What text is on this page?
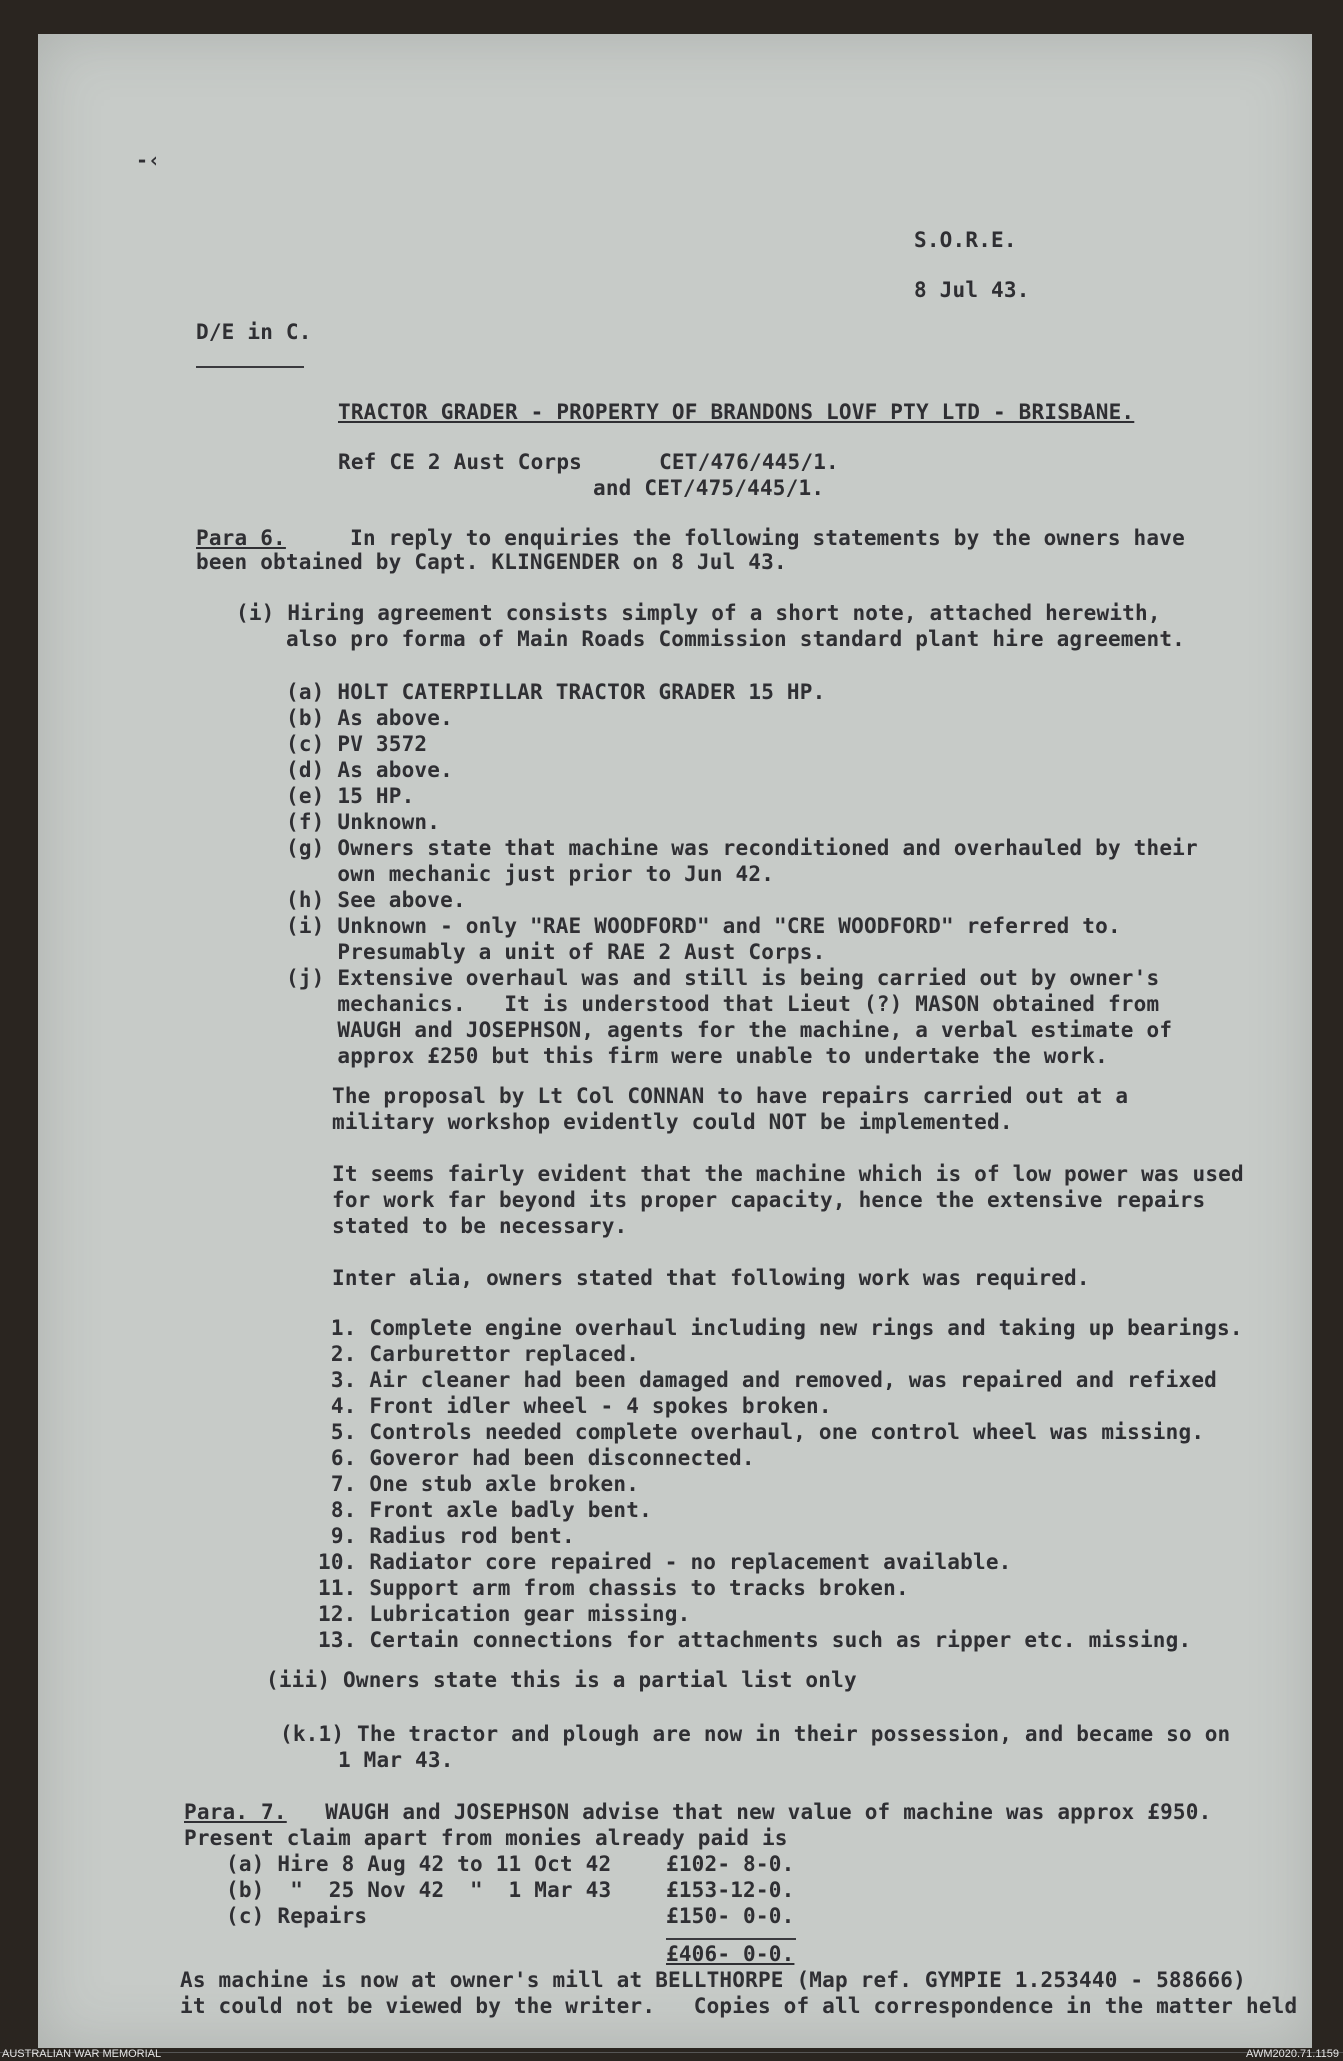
-‹
S.O.R.E.
8 Jul 43.
D/E in C.
TRACTOR GRADER - PROPERTY OF BRANDONS LOVF PTY LTD - BRISBANE.
Ref CE 2 Aust Corps      CET/476/445/1.
and CET/475/445/1.
Para 6.     In reply to enquiries the following statements by the owners have
been obtained by Capt. KLINGENDER on 8 Jul 43.
(i) Hiring agreement consists simply of a short note, attached herewith,
also pro forma of Main Roads Commission standard plant hire agreement.
(a) HOLT CATERPILLAR TRACTOR GRADER 15 HP.
(b) As above.
(c) PV 3572
(d) As above.
(e) 15 HP.
(f) Unknown.
(g) Owners state that machine was reconditioned and overhauled by their
own mechanic just prior to Jun 42.
(h) See above.
(i) Unknown - only "RAE WOODFORD" and "CRE WOODFORD" referred to.
Presumably a unit of RAE 2 Aust Corps.
(j) Extensive overhaul was and still is being carried out by owner's
mechanics.   It is understood that Lieut (?) MASON obtained from
WAUGH and JOSEPHSON, agents for the machine, a verbal estimate of
approx £250 but this firm were unable to undertake the work.
The proposal by Lt Col CONNAN to have repairs carried out at a
military workshop evidently could NOT be implemented.
It seems fairly evident that the machine which is of low power was used
for work far beyond its proper capacity, hence the extensive repairs
stated to be necessary.
Inter alia, owners stated that following work was required.
1. Complete engine overhaul including new rings and taking up bearings.
2. Carburettor replaced.
3. Air cleaner had been damaged and removed, was repaired and refixed
4. Front idler wheel - 4 spokes broken.
5. Controls needed complete overhaul, one control wheel was missing.
6. Goveror had been disconnected.
7. One stub axle broken.
8. Front axle badly bent.
9. Radius rod bent.
10. Radiator core repaired - no replacement available.
11. Support arm from chassis to tracks broken.
12. Lubrication gear missing.
13. Certain connections for attachments such as ripper etc. missing.
(iii) Owners state this is a partial list only
(k.1) The tractor and plough are now in their possession, and became so on
1 Mar 43.
Para. 7.   WAUGH and JOSEPHSON advise that new value of machine was approx £950.
Present claim apart from monies already paid is
(a) Hire 8 Aug 42 to 11 Oct 42	£102- 8-0.
(b)  "  25 Nov 42  "  1 Mar 43	£153-12-0.
(c) Repairs	£150- 0-0.
£406- 0-0.
As machine is now at owner's mill at BELLTHORPE (Map ref. GYMPIE 1.253440 - 588666)
it could not be viewed by the writer.   Copies of all correspondence in the matter held
AUSTRALIAN WAR MEMORIAL	AWM2020.71.1159
